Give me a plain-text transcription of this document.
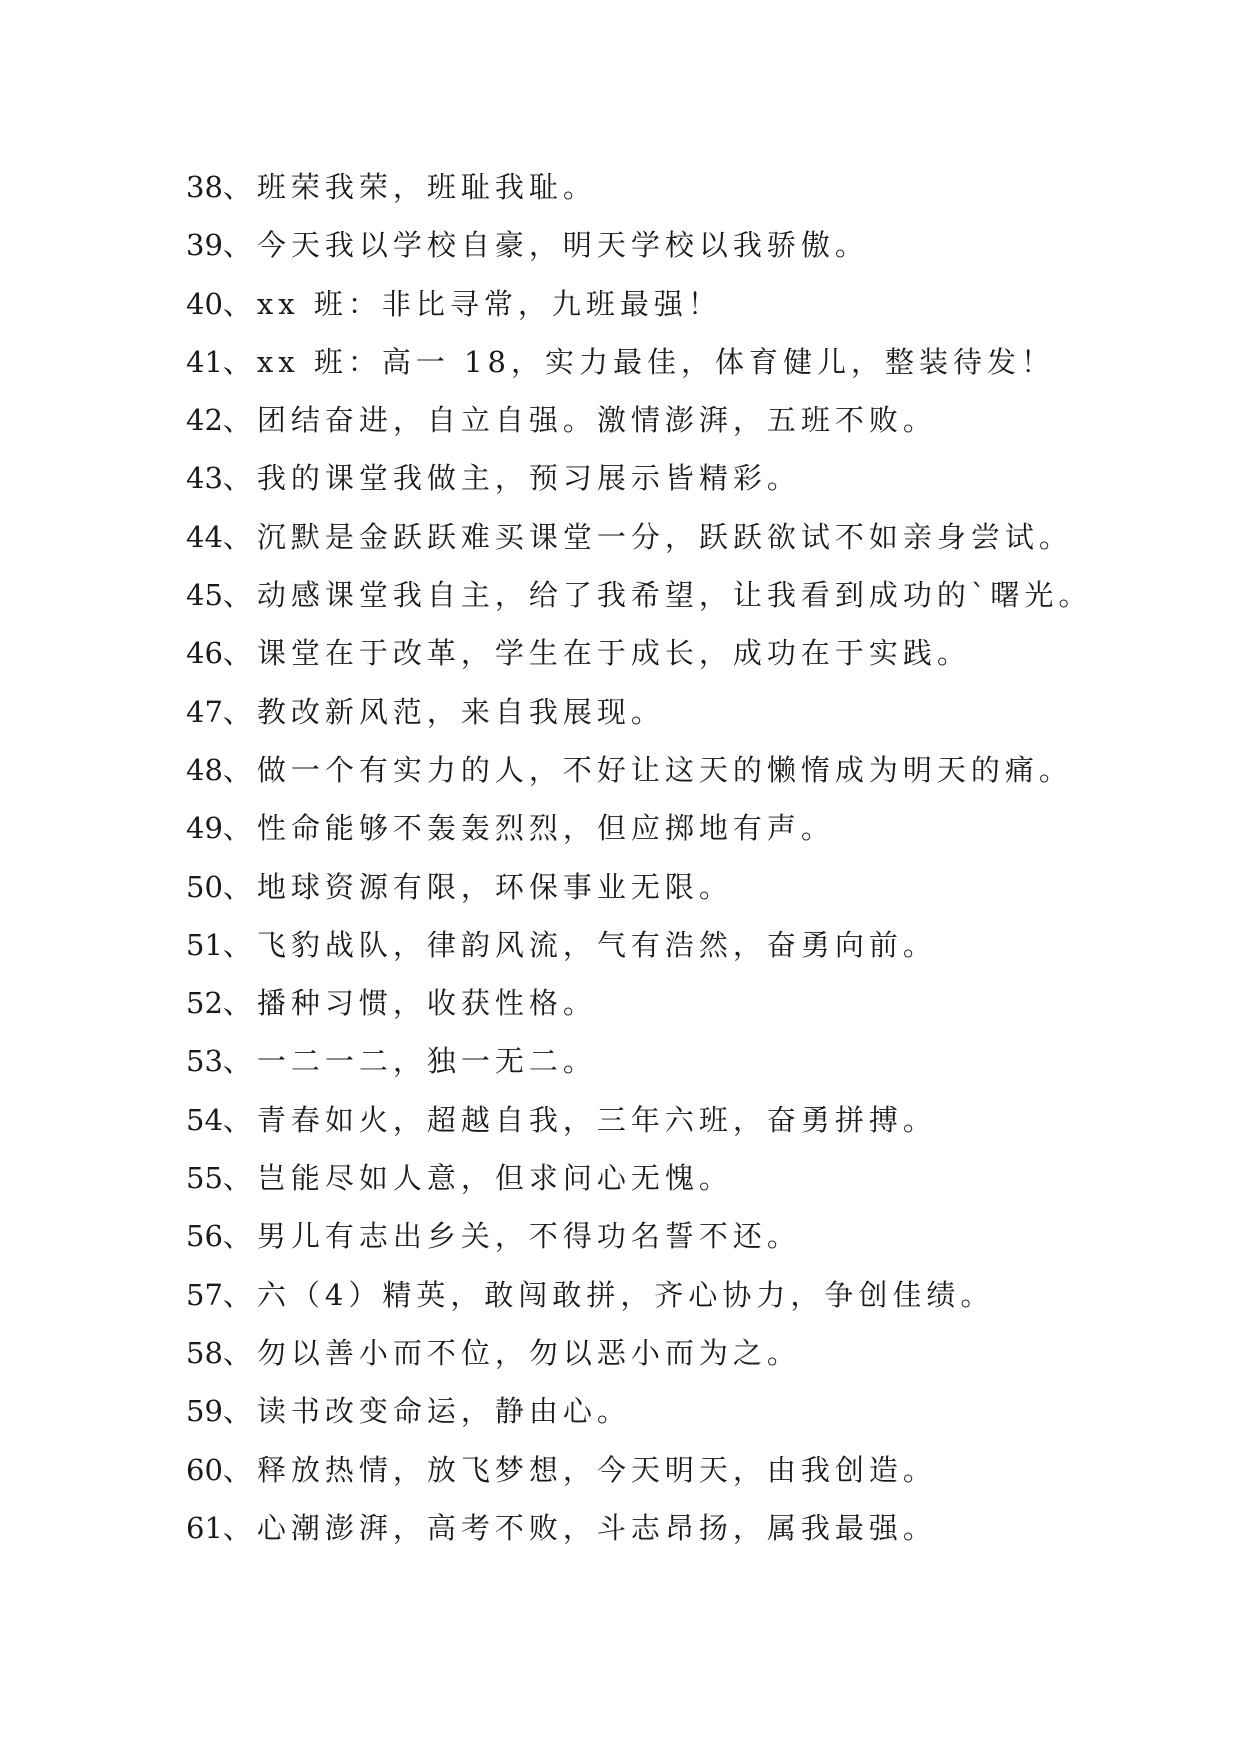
38、班荣我荣，班耻我耻。
39、今天我以学校自豪，明天学校以我骄傲。
40、xx 班：非比寻常，九班最强！
41、xx 班：高一 18，实力最佳，体育健儿，整装待发！
42、团结奋进，自立自强。激情澎湃，五班不败。
43、我的课堂我做主，预习展示皆精彩。
44、沉默是金跃跃难买课堂一分，跃跃欲试不如亲身尝试。
45、动感课堂我自主，给了我希望，让我看到成功的`曙光。
46、课堂在于改革，学生在于成长，成功在于实践。
47、教改新风范，来自我展现。
48、做一个有实力的人，不好让这天的懒惰成为明天的痛。
49、性命能够不轰轰烈烈，但应掷地有声。
50、地球资源有限，环保事业无限。
51、飞豹战队，律韵风流，气有浩然，奋勇向前。
52、播种习惯，收获性格。
53、一二一二，独一无二。
54、青春如火，超越自我，三年六班，奋勇拼搏。
55、岂能尽如人意，但求问心无愧。
56、男儿有志出乡关，不得功名誓不还。
57、六（4）精英，敢闯敢拼，齐心协力，争创佳绩。
58、勿以善小而不位，勿以恶小而为之。
59、读书改变命运，静由心。
60、释放热情，放飞梦想，今天明天，由我创造。
61、心潮澎湃，高考不败，斗志昂扬，属我最强。
